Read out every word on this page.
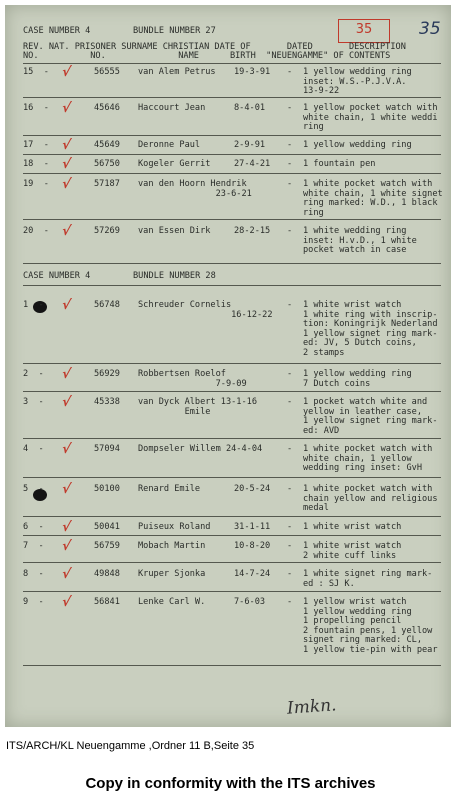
35	35
CASE NUMBER 4	BUNDLE NUMBER 27
REV. NAT. PRISONER SURNAME CHRISTIAN DATE OF       DATED       DESCRIPTION
NO.          NO.              NAME      BIRTH  "NEUENGAMME" OF CONTENTS
15  -	56555 van Alem Petrus 19-3-91 - 1 yellow wedding ring
inset: W.S.-P.J.V.A.
13-9-22
√
16  -	45646 Haccourt Jean	8-4-01	- 1 yellow pocket watch with
white chain, 1 white weddi
ring
√
17  -	45649 Deronne Paul	2-9-91	- 1 yellow wedding ring
√
18  -	56750 Kogeler Gerrit	27-4-21 - 1 fountain pen
√
19  -	57187 van den Hoorn Hendrik
23-6-21
- 1 white pocket watch with
white chain, 1 white signet
ring marked: W.D., 1 black
ring
√
20  -	57269 van Essen Dirk	28-2-15 - 1 white wedding ring
inset: H.v.D., 1 white
pocket watch in case
√
CASE NUMBER 4	BUNDLE NUMBER 28
1  -	56748 Schreuder Cornelis
16-12-22
- 1 white wrist watch
1 white ring with inscrip-
tion: Koningrijk Nederland
1 yellow signet ring mark-
ed: JV, 5 Dutch coins,
2 stamps
√
2  -	56929 Robbertsen Roelof
7-9-09
- 1 yellow wedding ring
7 Dutch coins
√
3  -	45338 van Dyck Albert 13-1-16
Emile
- 1 pocket watch white and
yellow in leather case,
1 yellow signet ring mark-
ed: AVD
√
4  -	57094 Dompseler Willem 24-4-04	- 1 white pocket watch with
white chain, 1 yellow
wedding ring inset: GvH
√
5  -	50100 Renard Emile	20-5-24 - 1 white pocket watch with
chain yellow and religious
medal
√
6  -	50041 Puiseux Roland	31-1-11 - 1 white wrist watch
√
7  -	56759 Mobach Martin	10-8-20 - 1 white wrist watch
2 white cuff links
√
8  -	49848 Kruper Sjonka	14-7-24 - 1 white signet ring mark-
ed : SJ K.
√
9  -	56841 Lenke Carl W.	7-6-03	- 1 yellow wrist watch
1 yellow wedding ring
1 propelling pencil
2 fountain pens, 1 yellow
signet ring marked: CL,
1 yellow tie-pin with pear
√
Imkn.
ITS/ARCH/KL Neuengamme ,Ordner 11 B,Seite 35
Copy in conformity with the ITS archives
